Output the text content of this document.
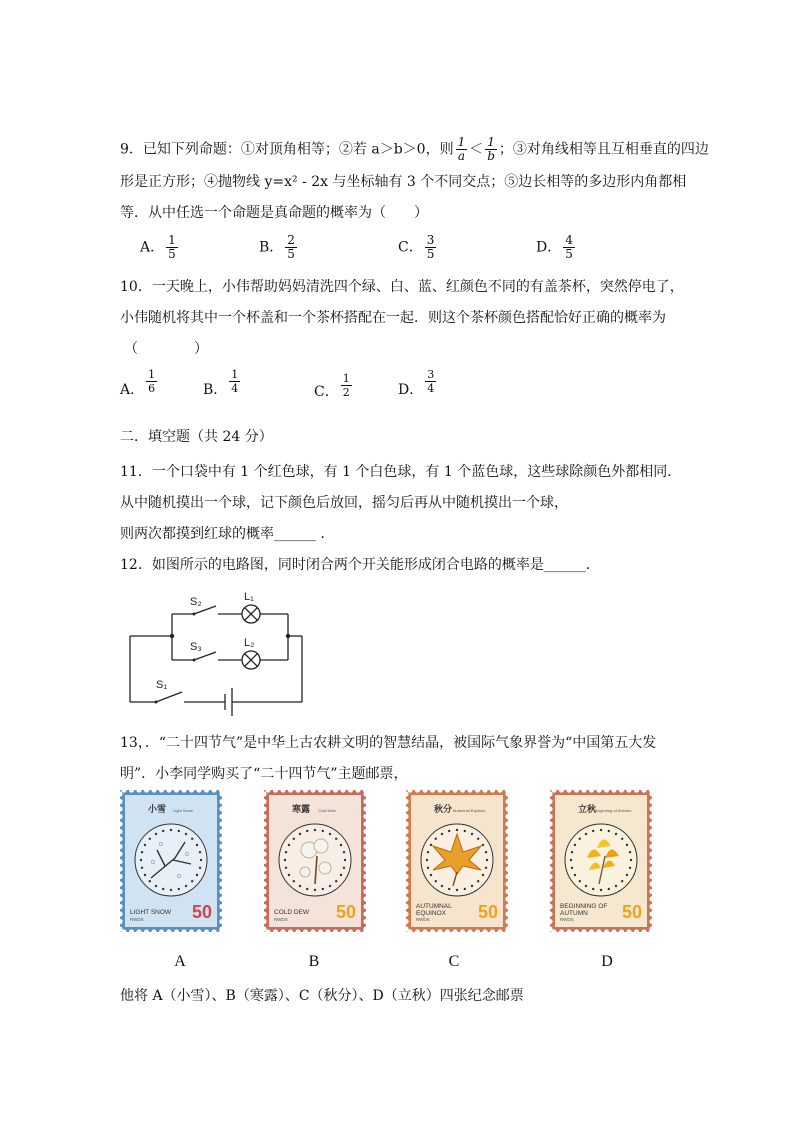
9．已知下列命题：①对顶角相等；②若 a＞b＞0，则 $\frac{1}{a} < \frac{1}{b}$ ；③对角线相等且互相垂直的四边
形是正方形；④抛物线 y=x² - 2x 与坐标轴有 3 个不同交点；⑤边长相等的多边形内角都相
等．从中任选一个命题是真命题的概率为（　　）
A． $\frac{1}{5}$	B． $\frac{2}{5}$	C． $\frac{3}{5}$	D． $\frac{4}{5}$
10．一天晚上，小伟帮助妈妈清洗四个绿、白、蓝、红颜色不同的有盖茶杯，突然停电了，
小伟随机将其中一个杯盖和一个茶杯搭配在一起．则这个茶杯颜色搭配恰好正确的概率为
（　　　　）
A． $\frac{1}{6}$	B． $\frac{1}{4}$	C． $\frac{1}{2}$	D． $\frac{3}{4}$
二．填空题（共 24 分）
11．一个口袋中有 1 个红色球，有 1 个白色球，有 1 个蓝色球，这些球除颜色外都相同．
从中随机摸出一个球，记下颜色后放回，摇匀后再从中随机摸出一个球，
则两次都摸到红球的概率______ ．
12．如图所示的电路图，同时闭合两个开关能形成闭合电路的概率是______．
S₂	L₁
S₃	L₂
S₁
13，．“二十四节气”是中华上古农耕文明的智慧结晶，被国际气象界誉为“中国第五大发
明”．小李同学购买了“二十四节气”主题邮票，
小雪 Light Snow
LIGHT SNOW
RWDS	50
寒露 Cold Dew
COLD DEW
RWDS	50
秋分 Autumnal Equinox
AUTUMNAL
EQUINOX
RWDS	50
立秋
Beginning of Autumn
BEGINNING OF
AUTUMN
RWDS	50
A	B	C	D
他将 A（小雪）、B（寒露）、C（秋分）、D（立秋）四张纪念邮票
